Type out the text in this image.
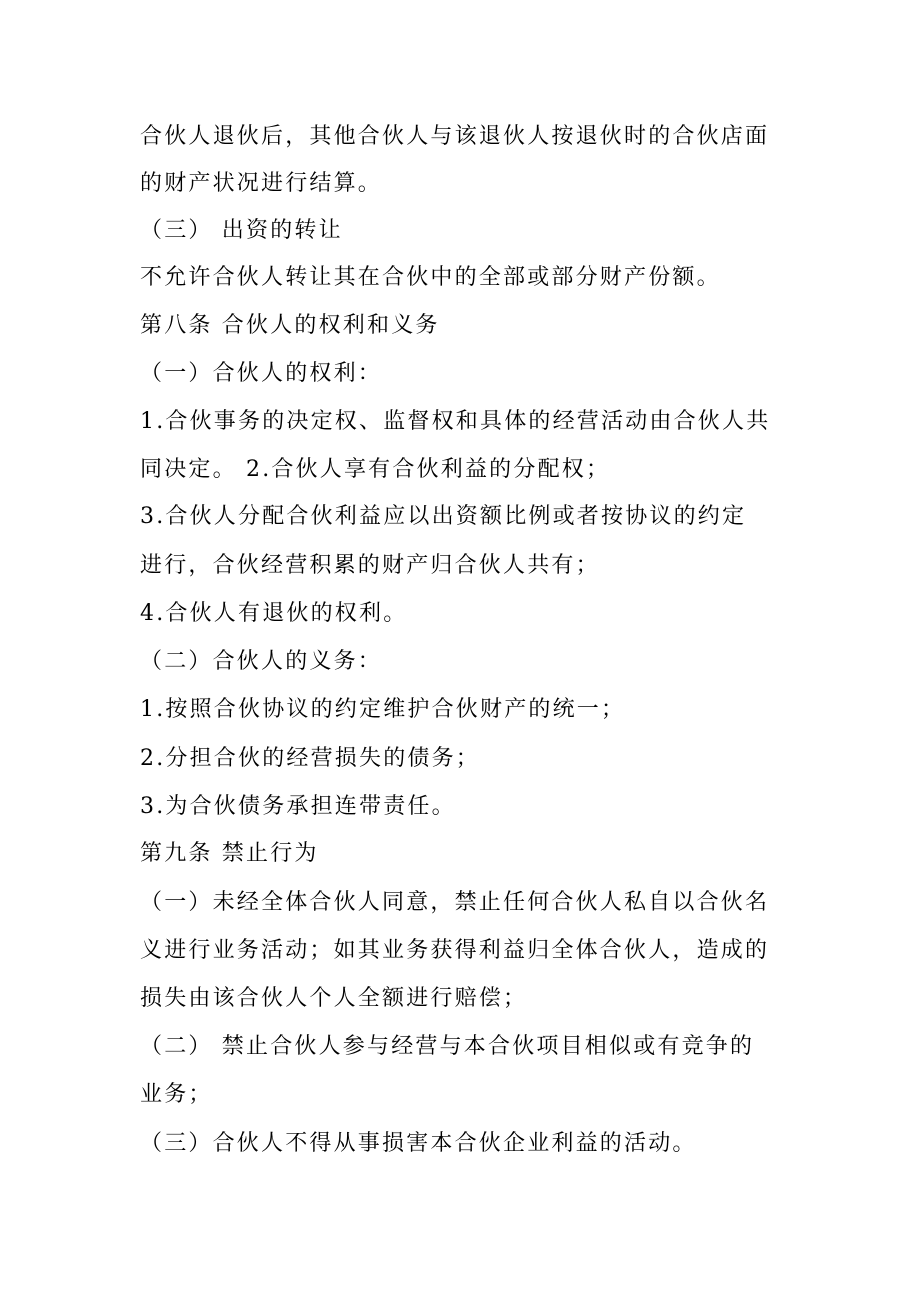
合伙人退伙后，其他合伙人与该退伙人按退伙时的合伙店面
的财产状况进行结算。
（三） 出资的转让
不允许合伙人转让其在合伙中的全部或部分财产份额。
第八条 合伙人的权利和义务
（一）合伙人的权利：
1.合伙事务的决定权、监督权和具体的经营活动由合伙人共
同决定。 2.合伙人享有合伙利益的分配权；
3.合伙人分配合伙利益应以出资额比例或者按协议的约定
进行，合伙经营积累的财产归合伙人共有；
4.合伙人有退伙的权利。
（二）合伙人的义务：
1.按照合伙协议的约定维护合伙财产的统一；
2.分担合伙的经营损失的债务；
3.为合伙债务承担连带责任。
第九条 禁止行为
（一）未经全体合伙人同意，禁止任何合伙人私自以合伙名
义进行业务活动；如其业务获得利益归全体合伙人，造成的
损失由该合伙人个人全额进行赔偿；
（二） 禁止合伙人参与经营与本合伙项目相似或有竞争的
业务；
（三）合伙人不得从事损害本合伙企业利益的活动。
